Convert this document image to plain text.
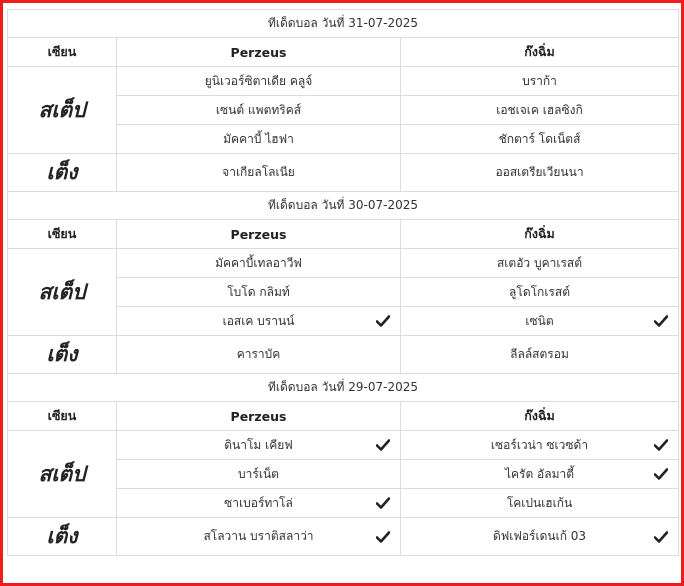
ทีเด็ดบอล วันที่ 31-07-2025		
เซียน	Perzeus	ก๊งฉิ่ม
สเต็ป	ยูนิเวอร์ซิตาเดีย คลูจ์	บราก้า
	เซนต์ แพตทริคส์	เอชเจเค เฮลซิงกิ
	มัคคาบี้ ไฮฟา	ชักตาร์ โดเน็ตส์
เต็ง	จาเกียลโลเนีย	ออสเตรียเวียนนา
ทีเด็ดบอล วันที่ 30-07-2025		
เซียน	Perzeus	ก๊งฉิ่ม
สเต็ป	มัคคาบี้เทลอาวีฟ	สเตอัว บูคาเรสต์
	โบโด กลิมท์	ลูโดโกเรสต์
	เอสเค บรานน์	เซนิต

เต็ง	คาราบัค	ลีลล์สตรอม
ทีเด็ดบอล วันที่ 29-07-2025		
เซียน	Perzeus	ก๊งฉิ่ม
สเต็ป	ดินาโม เคียฟ	เซอร์เวน่า ซเวซด้า

	บาร์เน็ต	ไครัต อัลมาตี้

	ซาเบอร์ทาโล่	โคเปนเฮเก้น
เต็ง	สโลวาน บราติสลาว่า	ดิฟเฟอร์เดนเก้ 03
